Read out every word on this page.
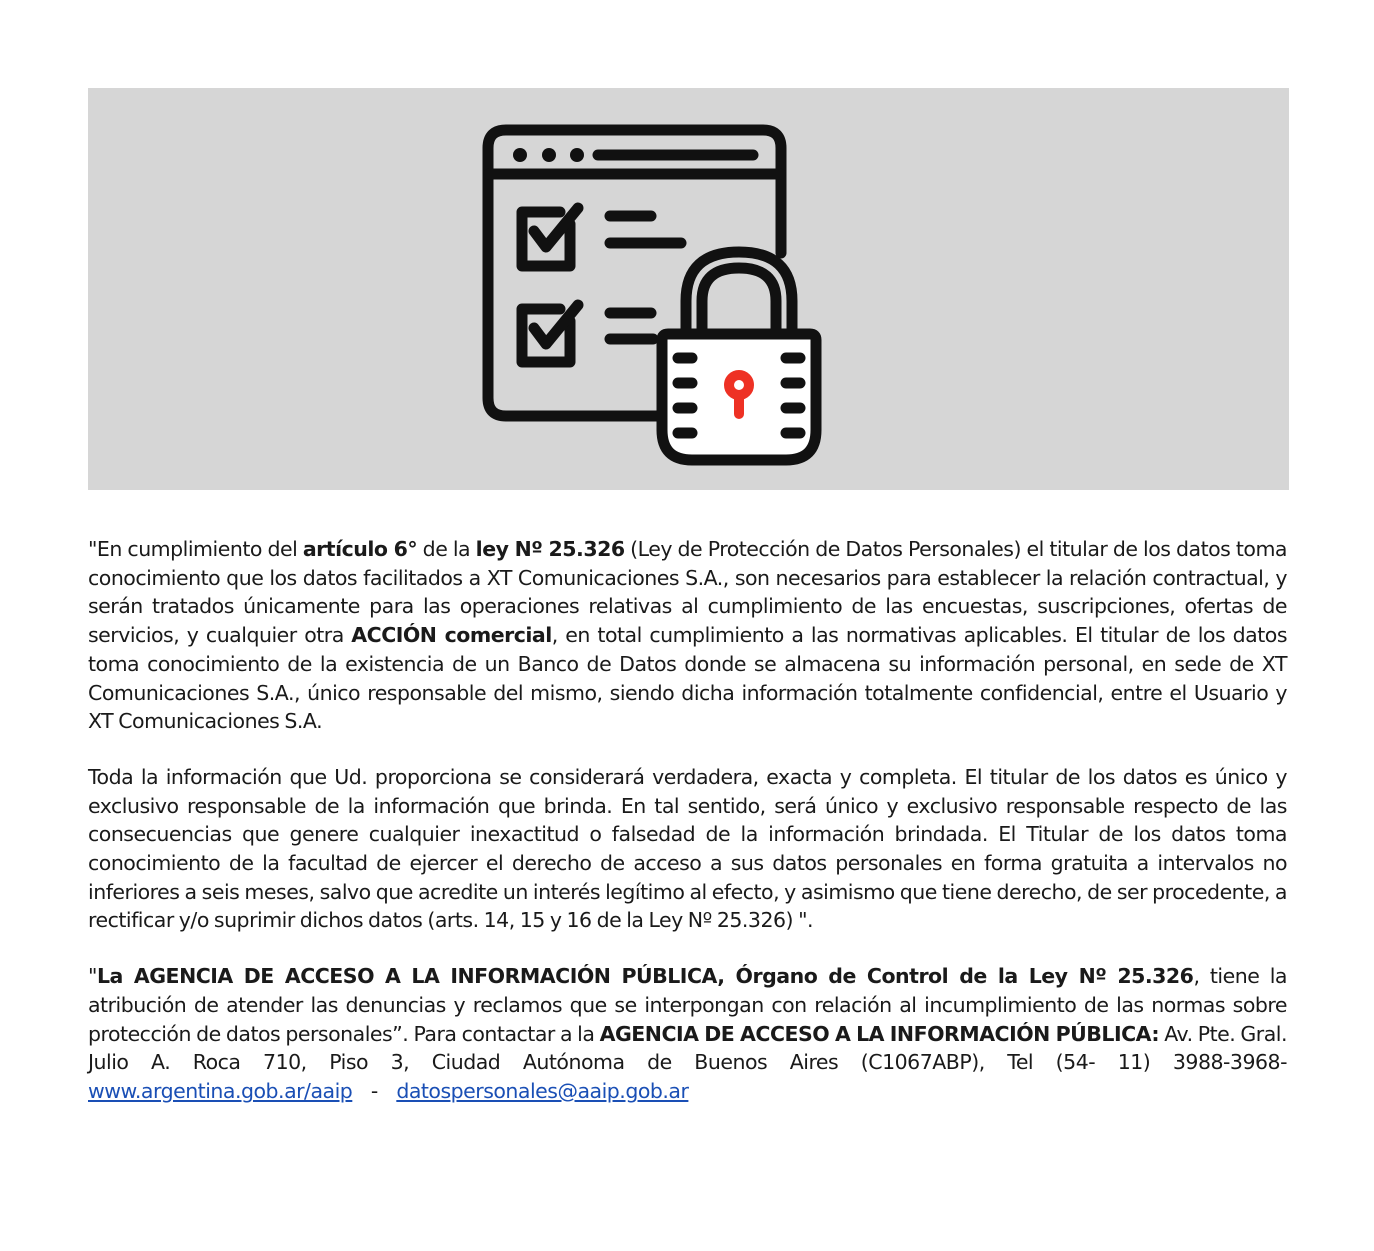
"En cumplimiento del artículo 6° de la ley Nº 25.326 (Ley de Protección de Datos Personales) el titular de los datos toma conocimiento que los datos facilitados a XT Comunicaciones S.A., son necesarios para establecer la relación contractual, y serán tratados únicamente para las operaciones relativas al cumplimiento de las encuestas, suscripciones, ofertas de servicios, y cualquier otra ACCIÓN comercial, en total cumplimiento a las normativas aplicables. El titular de los datos toma conocimiento de la existencia de un Banco de Datos donde se almacena su información personal, en sede de XT Comunicaciones S.A., único responsable del mismo, siendo dicha información totalmente confidencial, entre el Usuario y XT Comunicaciones S.A.

Toda la información que Ud. proporciona se considerará verdadera, exacta y completa. El titular de los datos es único y exclusivo responsable de la información que brinda. En tal sentido, será único y exclusivo responsable respecto de las consecuencias que genere cualquier inexactitud o falsedad de la información brindada. El Titular de los datos toma conocimiento de la facultad de ejercer el derecho de acceso a sus datos personales en forma gratuita a intervalos no inferiores a seis meses, salvo que acredite un interés legítimo al efecto, y asimismo que tiene derecho, de ser procedente, a rectificar y/o suprimir dichos datos (arts. 14, 15 y 16 de la Ley Nº 25.326) ".

"La AGENCIA DE ACCESO A LA INFORMACIÓN PÚBLICA, Órgano de Control de la Ley Nº 25.326, tiene la atribución de atender las denuncias y reclamos que se interpongan con relación al incumplimiento de las normas sobre protección de datos personales”. Para contactar a la AGENCIA DE ACCESO A LA INFORMACIÓN PÚBLICA: Av. Pte. Gral. Julio A. Roca 710, Piso 3, Ciudad Autónoma de Buenos Aires (C1067ABP), Tel (54- 11) 3988-3968- www.argentina.gob.ar/aaip - datospersonales@aaip.gob.ar
